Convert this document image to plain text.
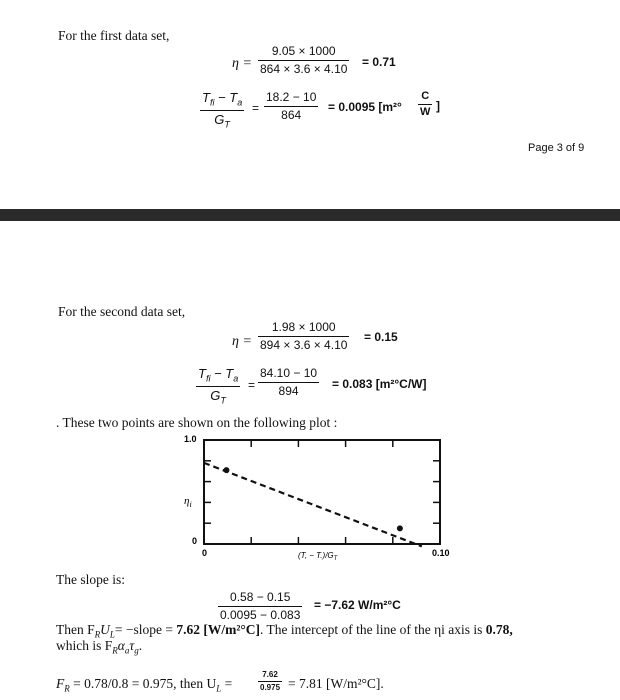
For the first data set,
η =
9.05 × 1000
864 × 3.6 × 4.10 = 0.71
$T_{fi} - T_a$
$G_T$
=
18.2 − 10
864
= 0.0095 [m²°
C
W ]
Page 3 of 9
For the second data set,
η =
1.98 × 1000
894 × 3.6 × 4.10
= 0.15
$T_{fi} - T_a$
$G_T$
=
84.10 − 10
894	= 0.083 [m²°C/W]
. These two points are shown on the following plot :
1.0
0
0	0.10
$\eta_i$
(T, − $T.)/G_T$
The slope is:
0.58 − 0.15
0.0095 − 0.083
= −7.62 W/m²°C
Then $F_RU_L=$ −slope = 7.62 [W/m²°C]. The intercept of the line of the ηi axis is 0.78,
which is $F_R\alpha_a\tau_g$.
$F_R = 0.78/0.8 = 0.975$, then $U_L$ =
7.62
0.975 = 7.81 [W/m²°C].
